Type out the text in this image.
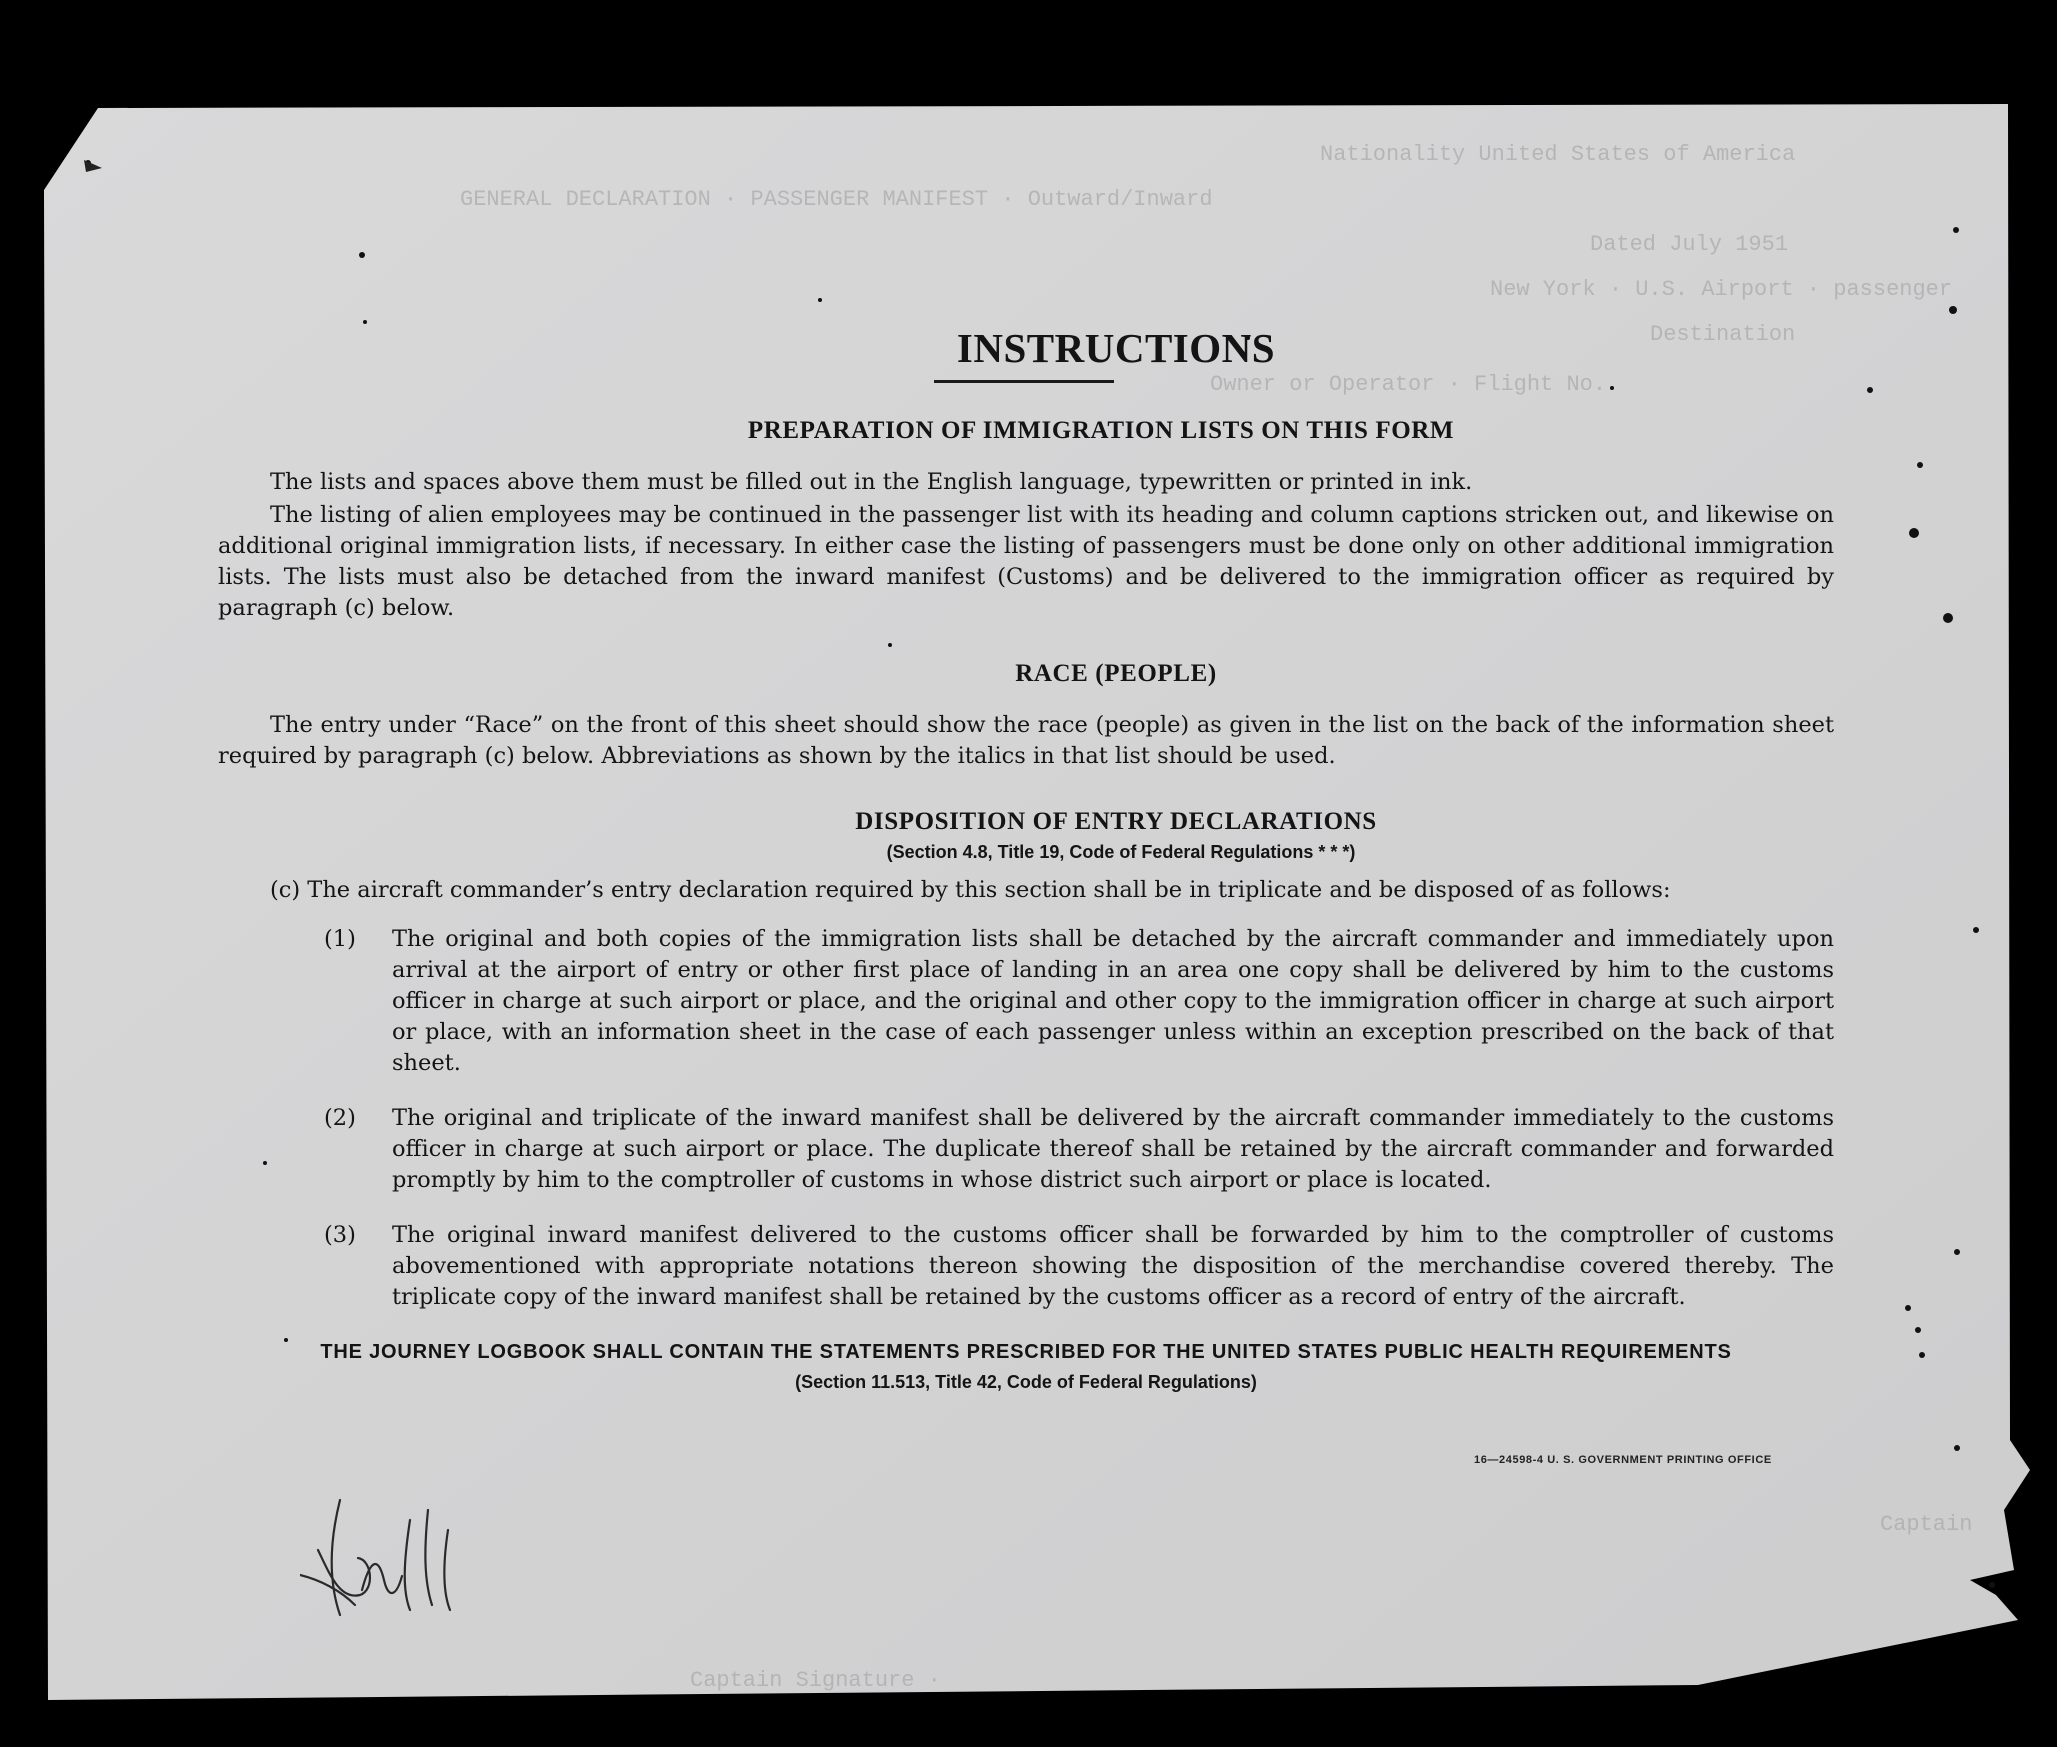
Nationality United States of America
GENERAL DECLARATION · PASSENGER MANIFEST · Outward/Inward
Dated July 1951
New York · U.S. Airport · passenger
Destination
Owner or Operator · Flight No.
Captain
Captain Signature ·
INSTRUCTIONS
PREPARATION OF IMMIGRATION LISTS ON THIS FORM

The lists and spaces above them must be filled out in the English language, typewritten or printed in ink.

The listing of alien employees may be continued in the passenger list with its heading and column captions stricken out, and likewise on additional original immigration lists, if necessary. In either case the listing of passengers must be done only on other additional immigration lists. The lists must also be detached from the inward manifest (Customs) and be delivered to the immigration officer as required by paragraph (c) below.

RACE (PEOPLE)

The entry under “Race” on the front of this sheet should show the race (people) as given in the list on the back of the information sheet required by paragraph (c) below. Abbreviations as shown by the italics in that list should be used.

DISPOSITION OF ENTRY DECLARATIONS
(Section 4.8, Title 19, Code of Federal Regulations * * *)
(c) The aircraft commander’s entry declaration required by this section shall be in triplicate and be disposed of as follows:
(1) The original and both copies of the immigration lists shall be detached by the aircraft commander and immediately upon arrival at the airport of entry or other first place of landing in an area one copy shall be delivered by him to the customs officer in charge at such airport or place, and the original and other copy to the immigration officer in charge at such airport or place, with an information sheet in the case of each passenger unless within an exception prescribed on the back of that sheet.
(2) The original and triplicate of the inward manifest shall be delivered by the aircraft commander immediately to the customs officer in charge at such airport or place. The duplicate thereof shall be retained by the aircraft commander and forwarded promptly by him to the comptroller of customs in whose district such airport or place is located.
(3) The original inward manifest delivered to the customs officer shall be forwarded by him to the comptroller of customs abovementioned with appropriate notations thereon showing the disposition of the merchandise covered thereby. The triplicate copy of the inward manifest shall be retained by the customs officer as a record of entry of the aircraft.
THE JOURNEY LOGBOOK SHALL CONTAIN THE STATEMENTS PRESCRIBED FOR THE UNITED STATES PUBLIC HEALTH REQUIREMENTS
(Section 11.513, Title 42, Code of Federal Regulations)
16—24598-4 U. S. GOVERNMENT PRINTING OFFICE
